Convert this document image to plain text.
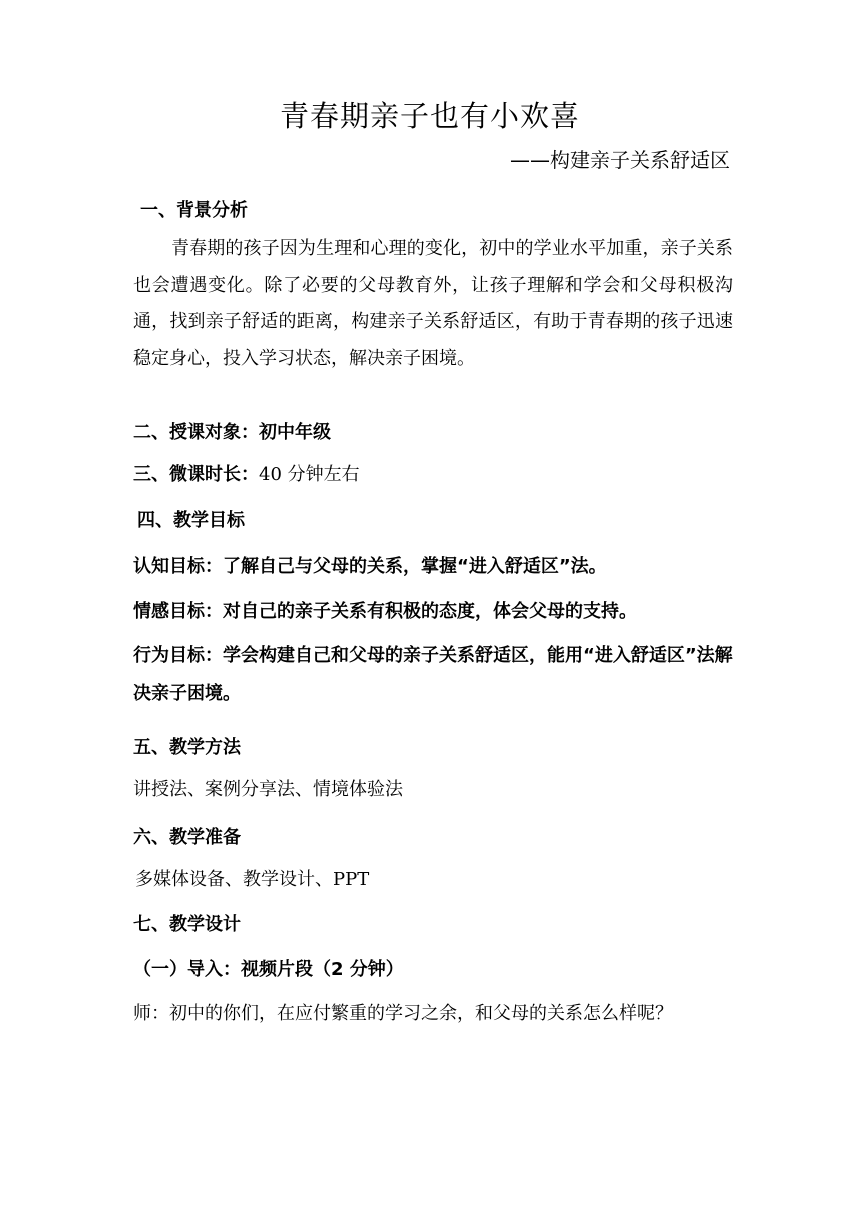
青春期亲子也有小欢喜

——构建亲子关系舒适区

一、背景分析

青春期的孩子因为生理和心理的变化，初中的学业水平加重，亲子关系也会遭遇变化。除了必要的父母教育外，让孩子理解和学会和父母积极沟通，找到亲子舒适的距离，构建亲子关系舒适区，有助于青春期的孩子迅速稳定身心，投入学习状态，解决亲子困境。

二、授课对象：初中年级

三、微课时长：40 分钟左右

四、教学目标

认知目标：了解自己与父母的关系，掌握“进入舒适区”法。

情感目标：对自己的亲子关系有积极的态度，体会父母的支持。

行为目标：学会构建自己和父母的亲子关系舒适区，能用“进入舒适区”法解决亲子困境。

五、教学方法

讲授法、案例分享法、情境体验法

六、教学准备

多媒体设备、教学设计、PPT

七、教学设计

（一）导入：视频片段（2 分钟）

师：初中的你们，在应付繁重的学习之余，和父母的关系怎么样呢？
